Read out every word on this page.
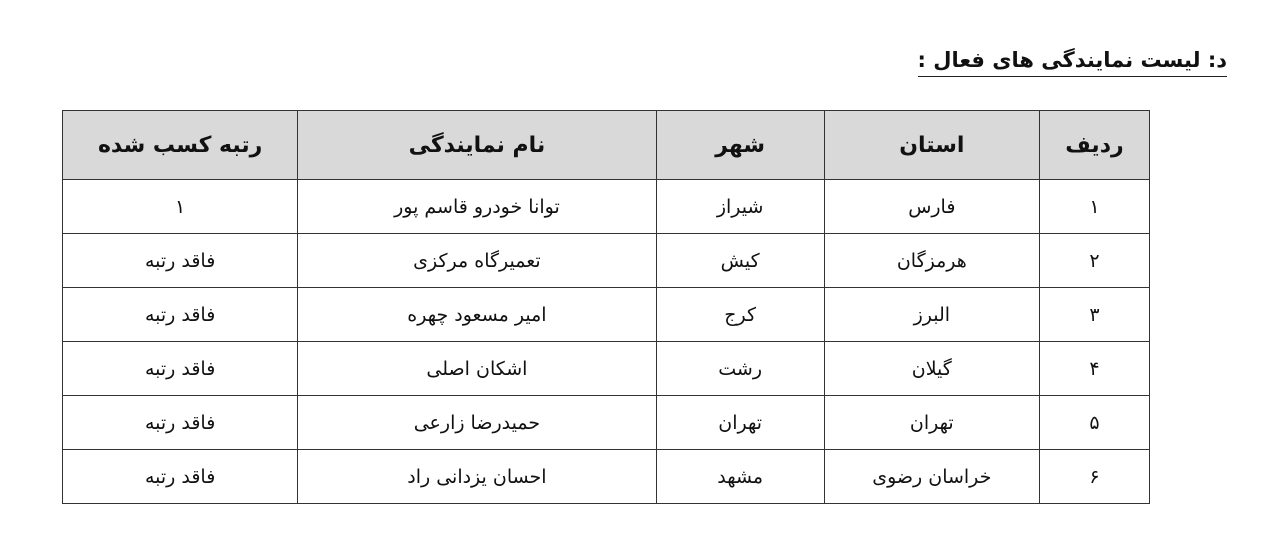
د: لیست نمایندگی های فعال :
ردیف	استان	شهر	نام نمایندگی	رتبه کسب شده
۱	فارس	شیراز	توانا خودرو قاسم پور	۱
۲	هرمزگان	کیش	تعمیرگاه مرکزی	فاقد رتبه
۳	البرز	کرج	امیر مسعود چهره	فاقد رتبه
۴	گیلان	رشت	اشکان اصلی	فاقد رتبه
۵	تهران	تهران	حمیدرضا زارعی	فاقد رتبه
۶	خراسان رضوی	مشهد	احسان یزدانی راد	فاقد رتبه
